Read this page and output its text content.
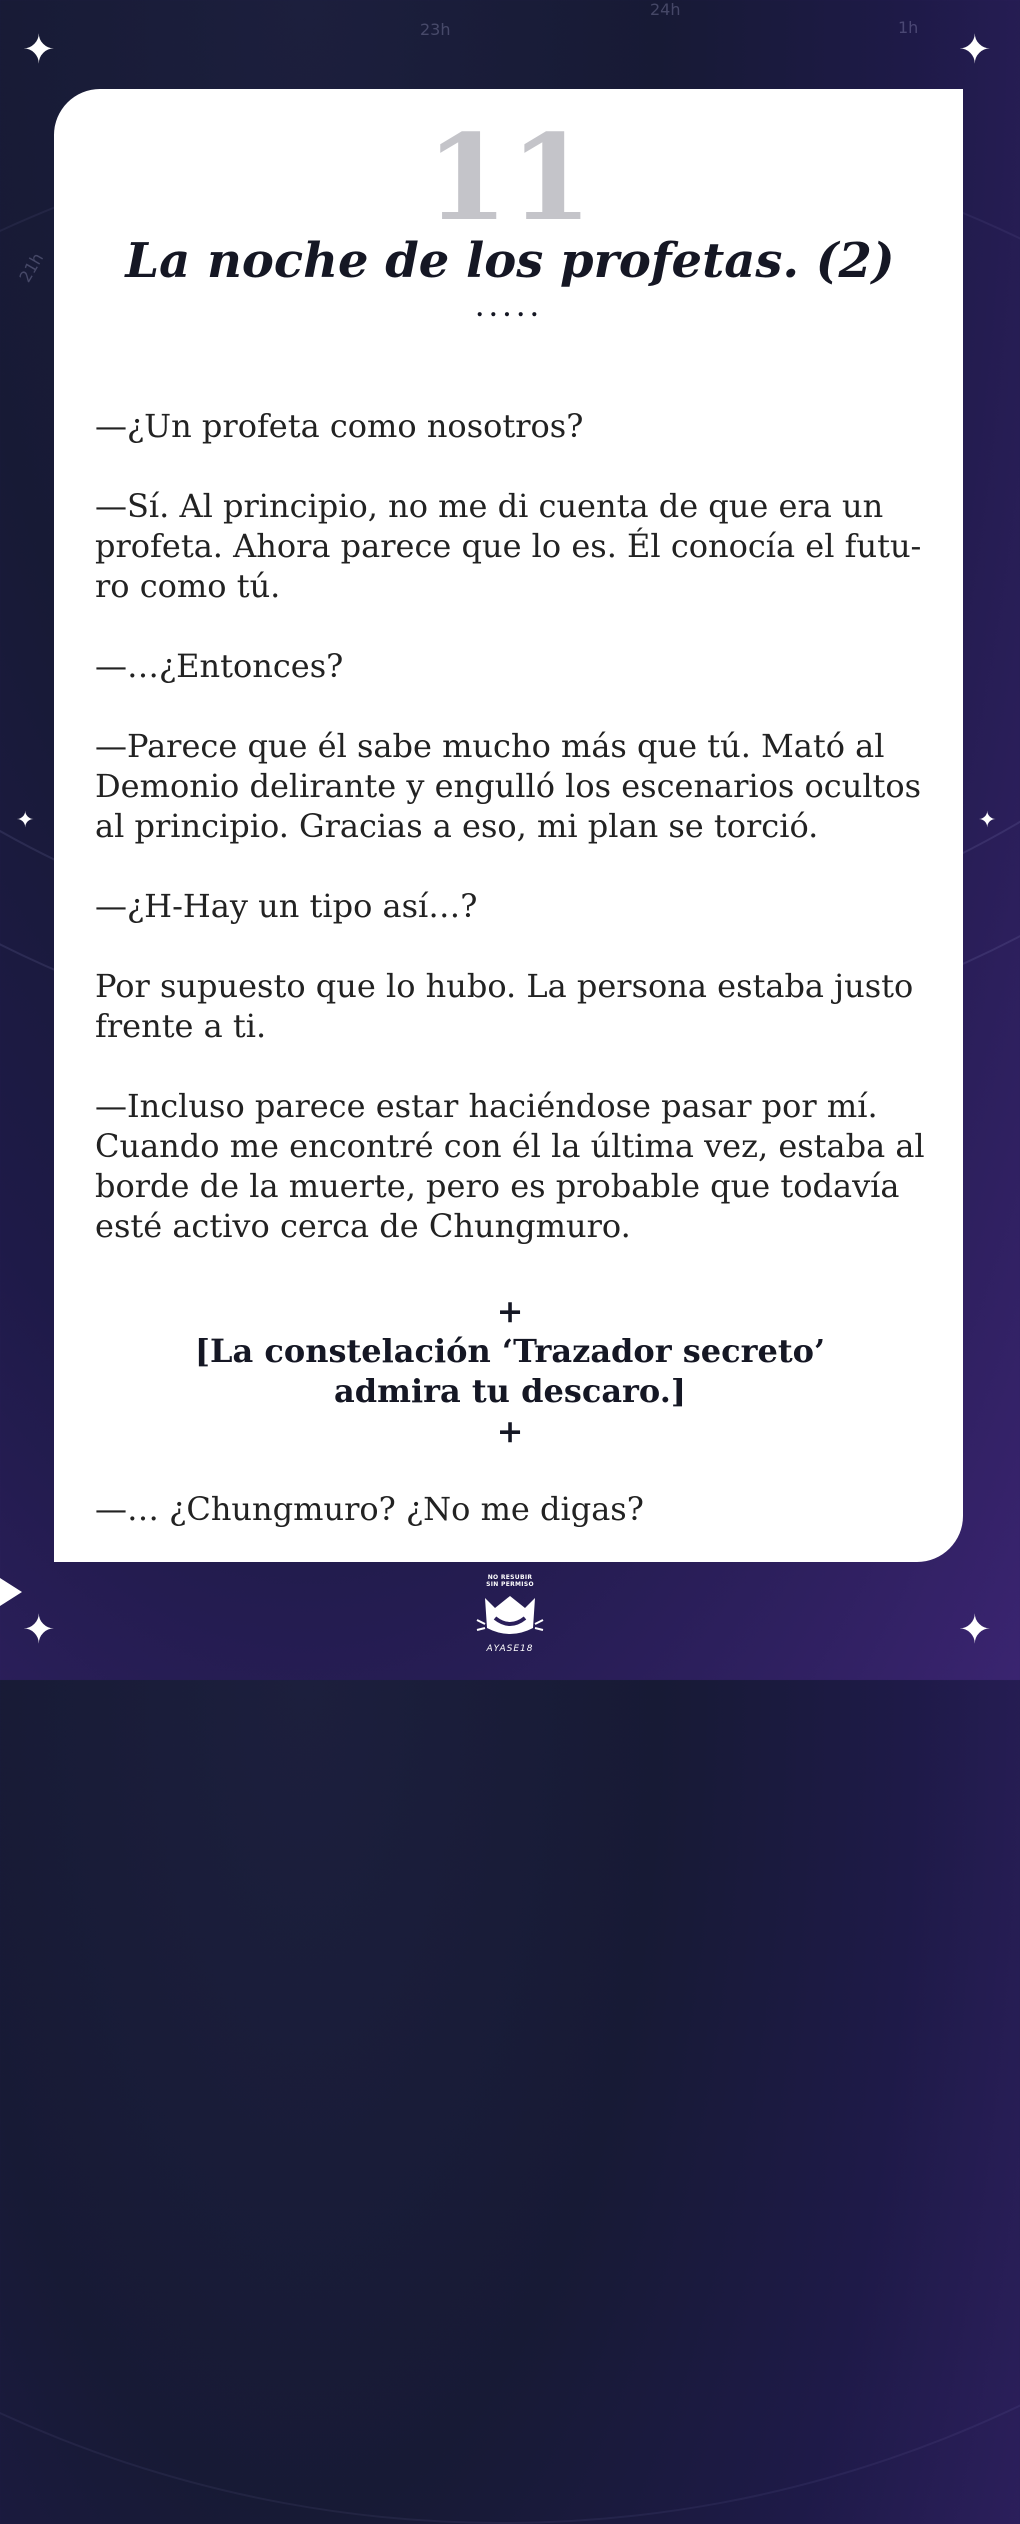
23h
24h
1h
21h
✦	✦
✦	✦
✦	✦
11
La noche de los profetas. (2)
.....

—¿Un profeta como nosotros?

—Sí. Al principio, no me di cuenta de que era un profeta. Ahora parece que lo es. Él conocía el futu-ro como tú.

—…¿Entonces?

—Parece que él sabe mucho más que tú. Mató al Demonio delirante y engulló los escenarios ocultos al principio. Gracias a eso, mi plan se torció.

—¿H-Hay un tipo así…?

Por supuesto que lo hubo. La persona estaba justo frente a ti.

—Incluso parece estar haciéndose pasar por mí. Cuando me encontré con él la última vez, estaba al borde de la muerte, pero es probable que todavía esté activo cerca de Chungmuro.

+
[La constelación ‘Trazador secreto’
admira tu descaro.]
+
—… ¿Chungmuro? ¿No me digas?
NO RESUBIR
SIN PERMISO
AYASE18
